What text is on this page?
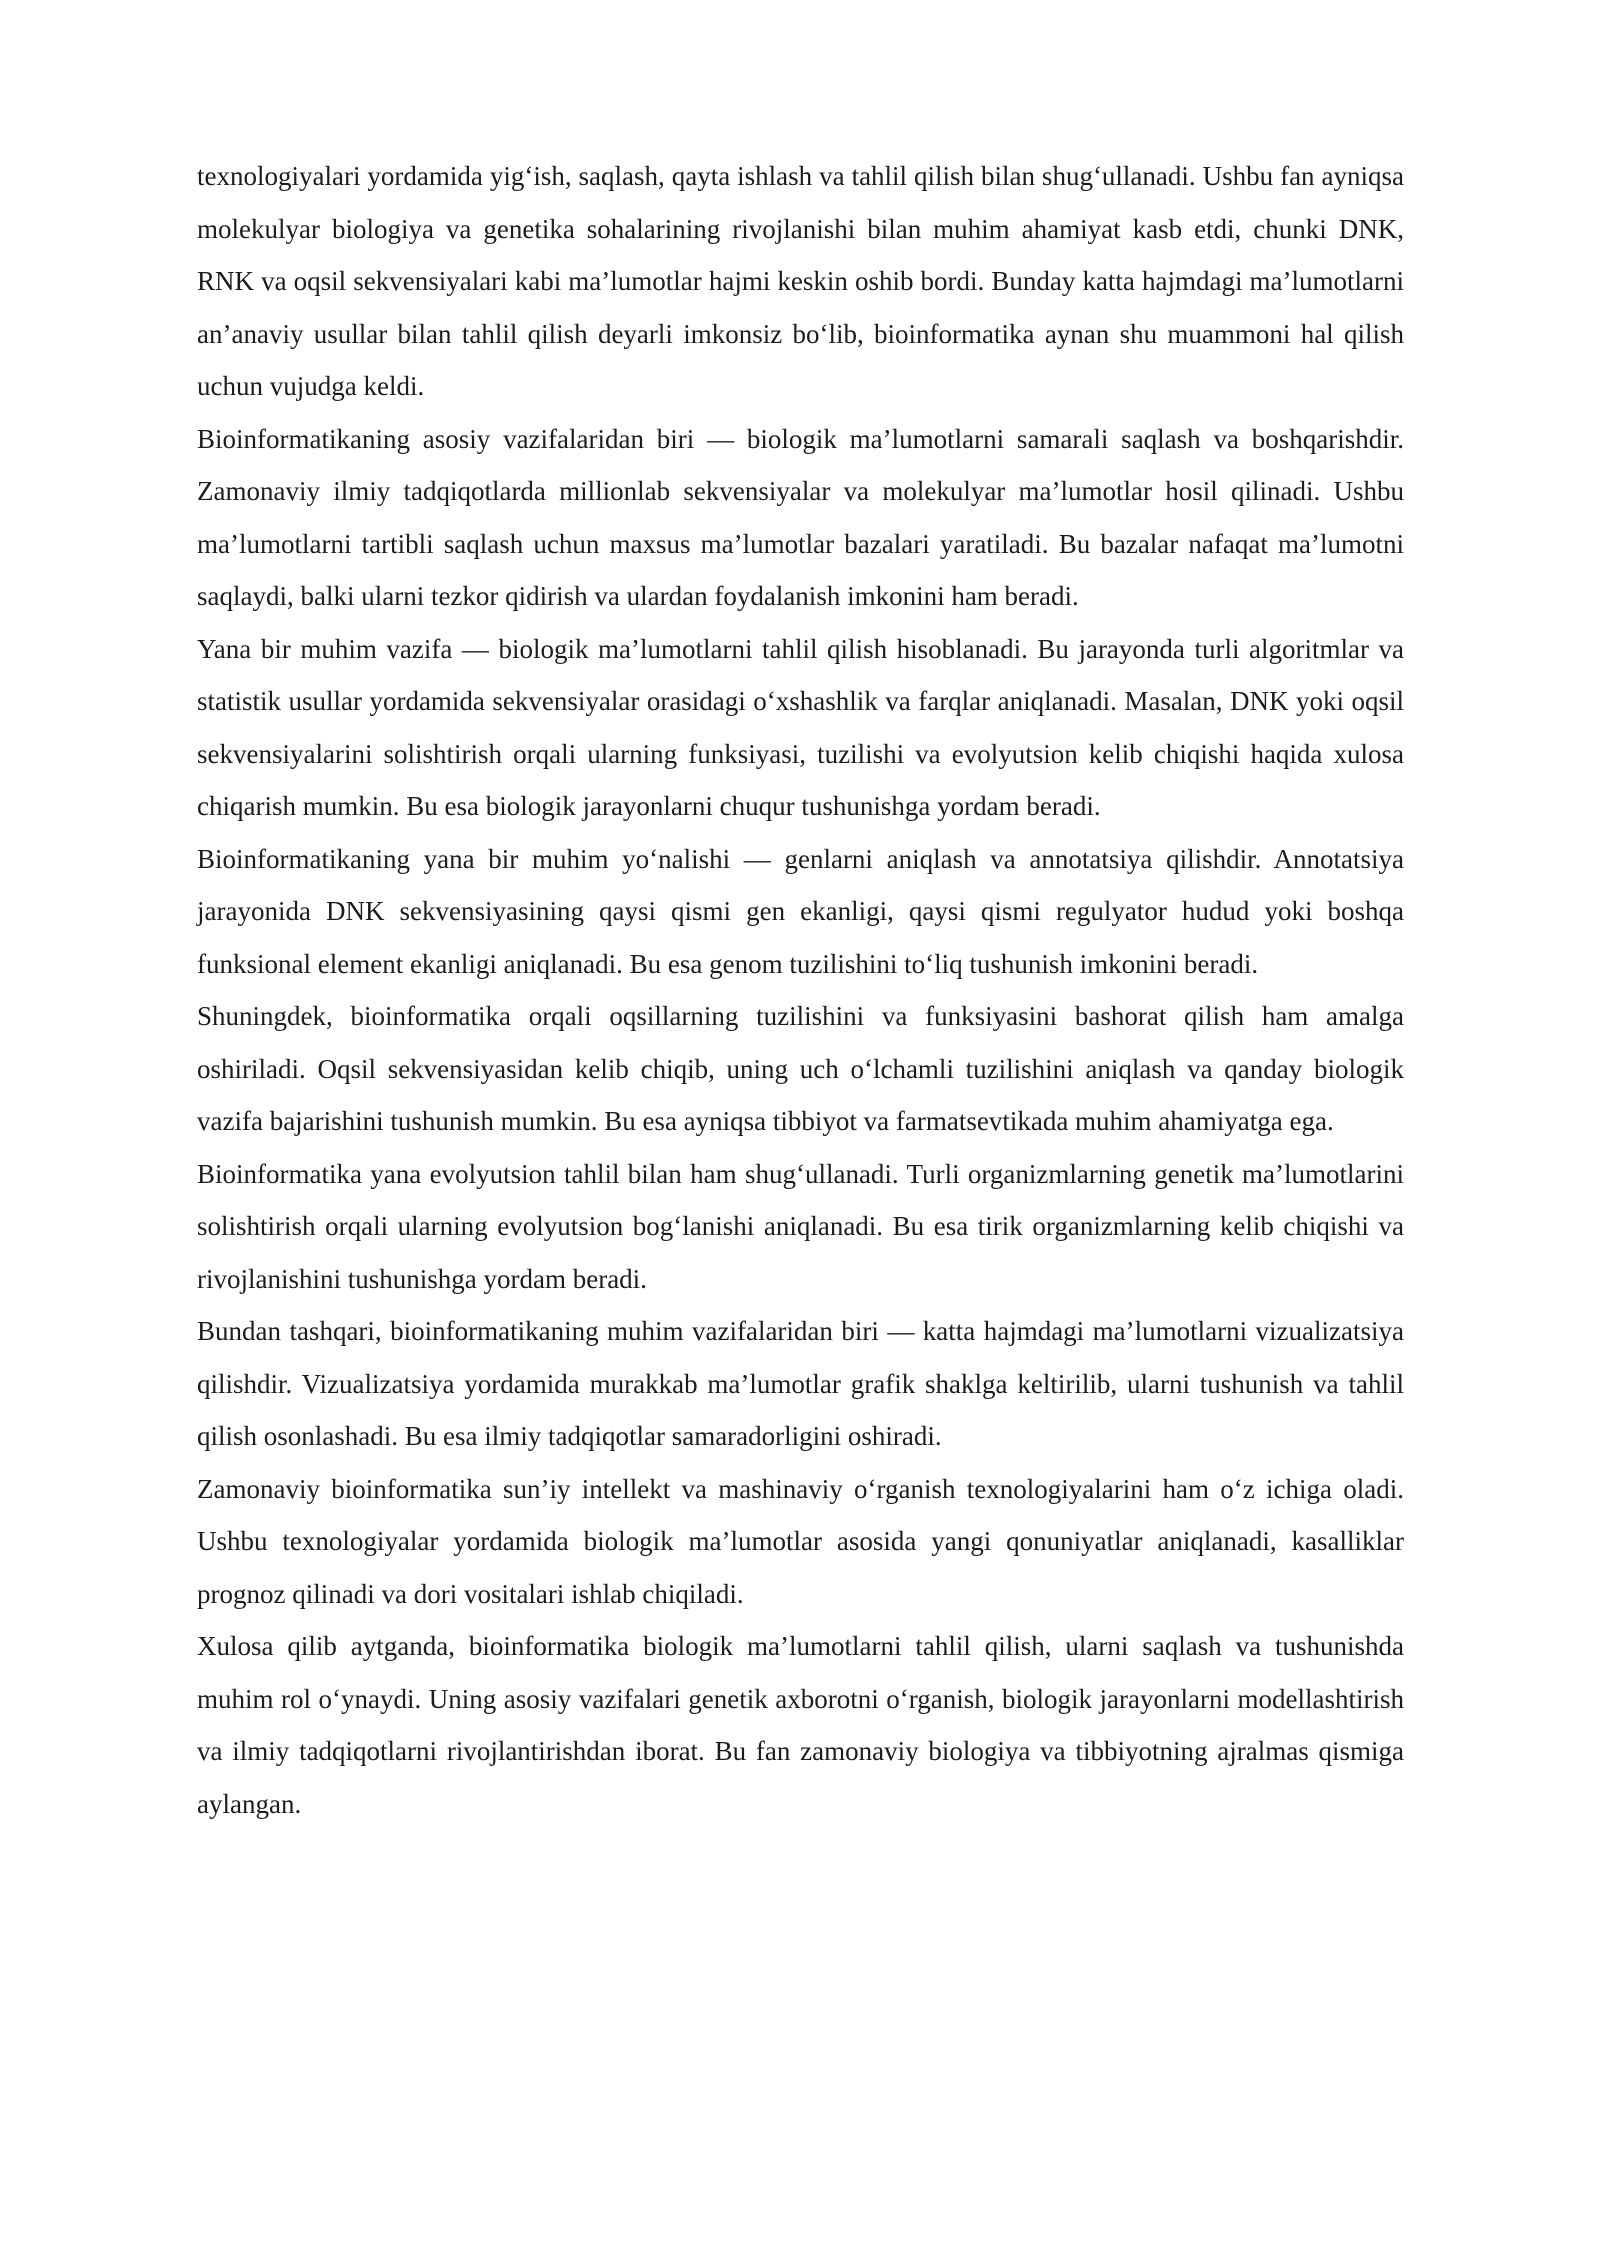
texnologiyalari yordamida yig‘ish, saqlash, qayta ishlash va tahlil qilish bilan shug‘ullanadi. Ushbu fan ayniqsa molekulyar biologiya va genetika sohalarining rivojlanishi bilan muhim ahamiyat kasb etdi, chunki DNK, RNK va oqsil sekvensiyalari kabi ma’lumotlar hajmi keskin oshib bordi. Bunday katta hajmdagi ma’lumotlarni an’anaviy usullar bilan tahlil qilish deyarli imkonsiz bo‘lib, bioinformatika aynan shu muammoni hal qilish uchun vujudga keldi.

Bioinformatikaning asosiy vazifalaridan biri — biologik ma’lumotlarni samarali saqlash va boshqarishdir. Zamonaviy ilmiy tadqiqotlarda millionlab sekvensiyalar va molekulyar ma’lumotlar hosil qilinadi. Ushbu ma’lumotlarni tartibli saqlash uchun maxsus ma’lumotlar bazalari yaratiladi. Bu bazalar nafaqat ma’lumotni saqlaydi, balki ularni tezkor qidirish va ulardan foydalanish imkonini ham beradi.

Yana bir muhim vazifa — biologik ma’lumotlarni tahlil qilish hisoblanadi. Bu jarayonda turli algoritmlar va statistik usullar yordamida sekvensiyalar orasidagi o‘xshashlik va farqlar aniqlanadi. Masalan, DNK yoki oqsil sekvensiyalarini solishtirish orqali ularning funksiyasi, tuzilishi va evolyutsion kelib chiqishi haqida xulosa chiqarish mumkin. Bu esa biologik jarayonlarni chuqur tushunishga yordam beradi.

Bioinformatikaning yana bir muhim yo‘nalishi — genlarni aniqlash va annotatsiya qilishdir. Annotatsiya jarayonida DNK sekvensiyasining qaysi qismi gen ekanligi, qaysi qismi regulyator hudud yoki boshqa funksional element ekanligi aniqlanadi. Bu esa genom tuzilishini to‘liq tushunish imkonini beradi.

Shuningdek, bioinformatika orqali oqsillarning tuzilishini va funksiyasini bashorat qilish ham amalga oshiriladi. Oqsil sekvensiyasidan kelib chiqib, uning uch o‘lchamli tuzilishini aniqlash va qanday biologik vazifa bajarishini tushunish mumkin. Bu esa ayniqsa tibbiyot va farmatsevtikada muhim ahamiyatga ega.

Bioinformatika yana evolyutsion tahlil bilan ham shug‘ullanadi. Turli organizmlarning genetik ma’lumotlarini solishtirish orqali ularning evolyutsion bog‘lanishi aniqlanadi. Bu esa tirik organizmlarning kelib chiqishi va rivojlanishini tushunishga yordam beradi.

Bundan tashqari, bioinformatikaning muhim vazifalaridan biri — katta hajmdagi ma’lumotlarni vizualizatsiya qilishdir. Vizualizatsiya yordamida murakkab ma’lumotlar grafik shaklga keltirilib, ularni tushunish va tahlil qilish osonlashadi. Bu esa ilmiy tadqiqotlar samaradorligini oshiradi.

Zamonaviy bioinformatika sun’iy intellekt va mashinaviy o‘rganish texnologiyalarini ham o‘z ichiga oladi. Ushbu texnologiyalar yordamida biologik ma’lumotlar asosida yangi qonuniyatlar aniqlanadi, kasalliklar prognoz qilinadi va dori vositalari ishlab chiqiladi.

Xulosa qilib aytganda, bioinformatika biologik ma’lumotlarni tahlil qilish, ularni saqlash va tushunishda muhim rol o‘ynaydi. Uning asosiy vazifalari genetik axborotni o‘rganish, biologik jarayonlarni modellashtirish va ilmiy tadqiqotlarni rivojlantirishdan iborat. Bu fan zamonaviy biologiya va tibbiyotning ajralmas qismiga aylangan.
